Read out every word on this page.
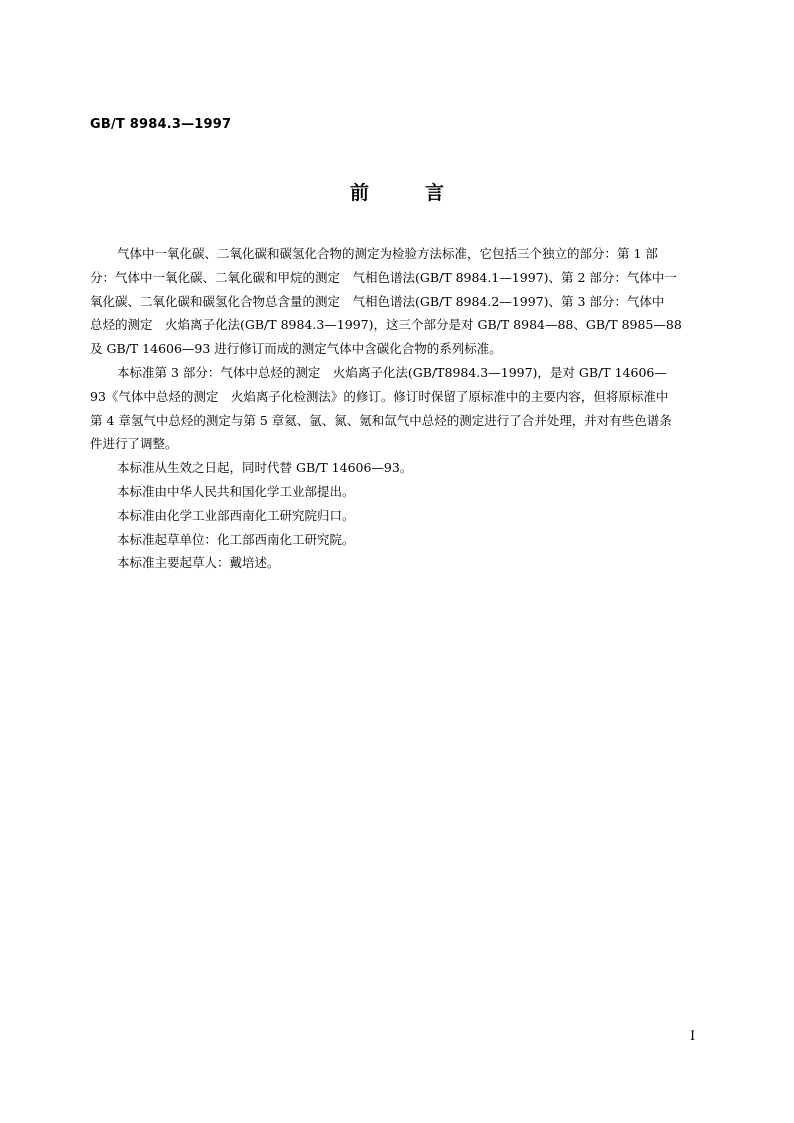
GB/T 8984.3—1997
前	言
气体中一氧化碳、二氧化碳和碳氢化合物的测定为检验方法标准，它包括三个独立的部分：第 1 部
分：气体中一氧化碳、二氧化碳和甲烷的测定　气相色谱法(GB/T 8984.1—1997)、第 2 部分：气体中一
氧化碳、二氧化碳和碳氢化合物总含量的测定　气相色谱法(GB/T 8984.2—1997)、第 3 部分：气体中
总烃的测定　火焰离子化法(GB/T 8984.3—1997)，这三个部分是对 GB/T 8984—88、GB/T 8985—88
及 GB/T 14606—93 进行修订而成的测定气体中含碳化合物的系列标准。
本标准第 3 部分：气体中总烃的测定　火焰离子化法(GB/T8984.3—1997)，是对 GB/T 14606—
93《气体中总烃的测定　火焰离子化检测法》的修订。修订时保留了原标准中的主要内容，但将原标准中
第 4 章氢气中总烃的测定与第 5 章氦、氩、氮、氪和氙气中总烃的测定进行了合并处理，并对有些色谱条
件进行了调整。
本标准从生效之日起，同时代替 GB/T 14606—93。
本标准由中华人民共和国化学工业部提出。
本标准由化学工业部西南化工研究院归口。
本标准起草单位：化工部西南化工研究院。
本标准主要起草人：戴培述。
I
